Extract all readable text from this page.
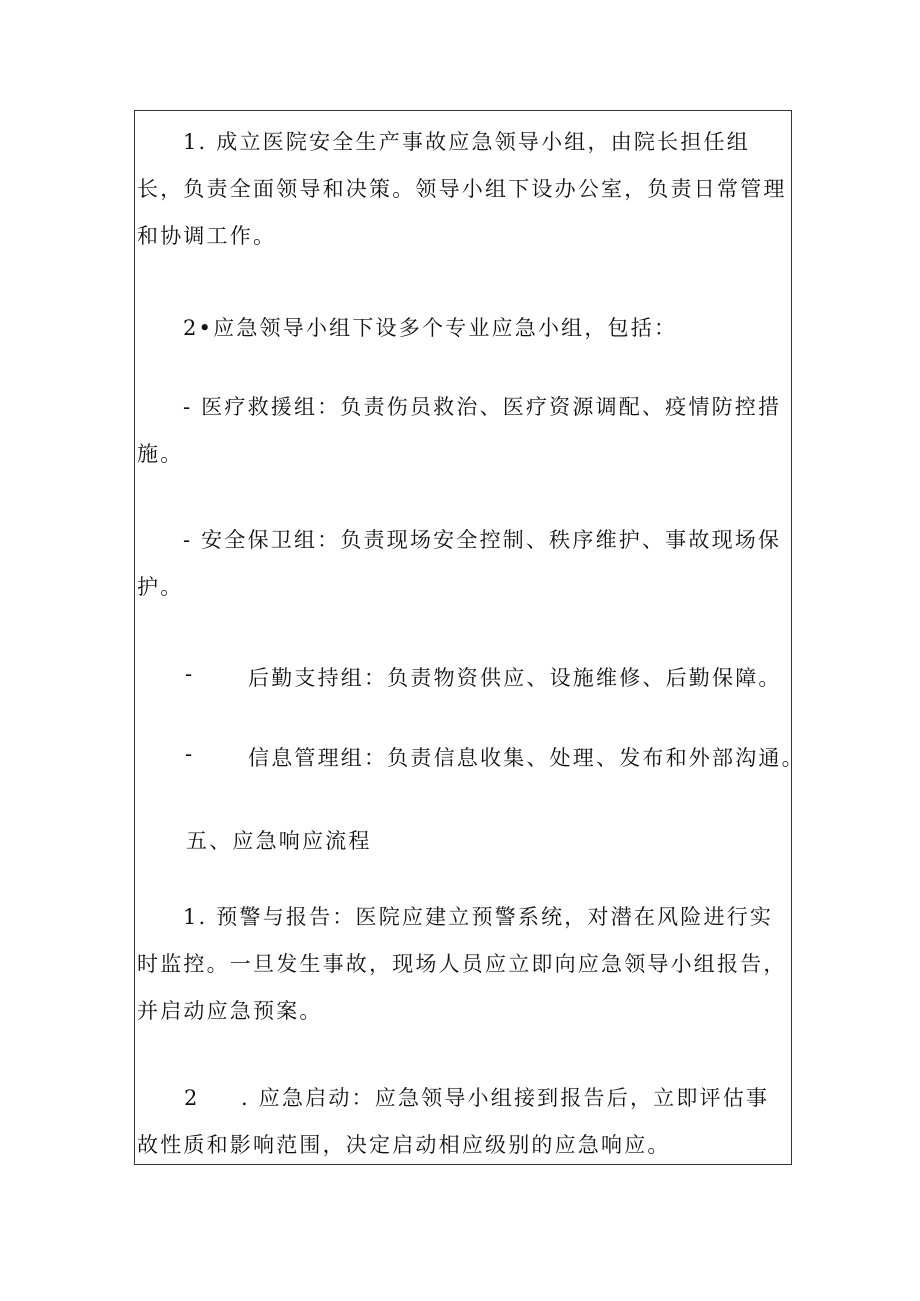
1. 成立医院安全生产事故应急领导小组，由院长担任组长，负责全面领导和决策。领导小组下设办公室，负责日常管理和协调工作。

2•应急领导小组下设多个专业应急小组，包括：

- 医疗救援组：负责伤员救治、医疗资源调配、疫情防控措施。

- 安全保卫组：负责现场安全控制、秩序维护、事故现场保护。

-	后勤支持组：负责物资供应、设施维修、后勤保障。
-	信息管理组：负责信息收集、处理、发布和外部沟通。
五、应急响应流程

1. 预警与报告：医院应建立预警系统，对潜在风险进行实时监控。一旦发生事故，现场人员应立即向应急领导小组报告，并启动应急预案。

2	. 应急启动：应急领导小组接到报告后，立即评估事故性质和影响范围，决定启动相应级别的应急响应。
